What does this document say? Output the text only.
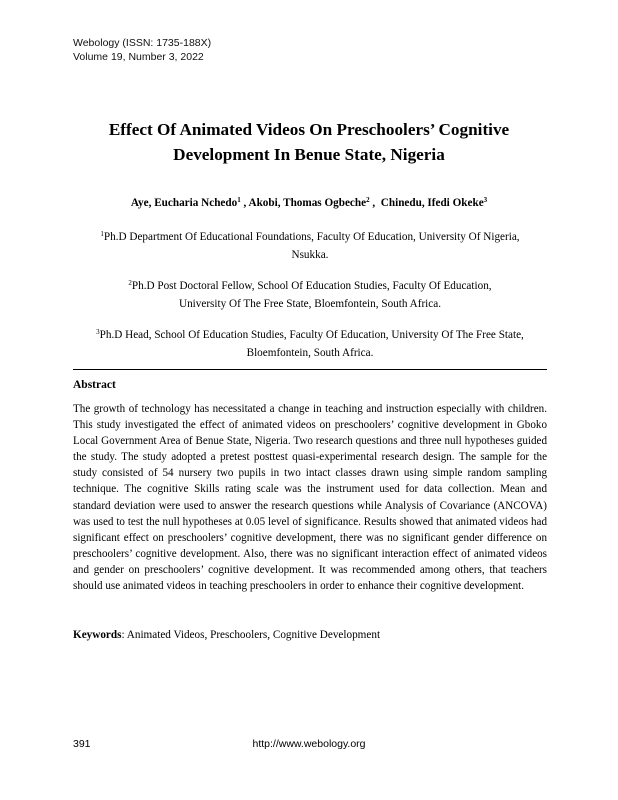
Webology (ISSN: 1735-188X)
Volume 19, Number 3, 2022
Effect Of Animated Videos On Preschoolers’ Cognitive
Development In Benue State, Nigeria
Aye, Eucharia Nchedo$^1$ , Akobi, Thomas Ogbeche$^2$ ,  Chinedu, Ifedi Okeke$^3$
$^1$Ph.D Department Of Educational Foundations, Faculty Of Education, University Of Nigeria,
Nsukka.
$^2$Ph.D Post Doctoral Fellow, School Of Education Studies, Faculty Of Education,
University Of The Free State, Bloemfontein, South Africa.
$^3$Ph.D Head, School Of Education Studies, Faculty Of Education, University Of The Free State,
Bloemfontein, South Africa.
Abstract

The growth of technology has necessitated a change in teaching and instruction especially with children. This study investigated the effect of animated videos on preschoolers’ cognitive development in Gboko Local Government Area of Benue State, Nigeria. Two research questions and three null hypotheses guided the study. The study adopted a pretest posttest quasi-experimental research design. The sample for the study consisted of 54 nursery two pupils in two intact classes drawn using simple random sampling technique. The cognitive Skills rating scale was the instrument used for data collection. Mean and standard deviation were used to answer the research questions while Analysis of Covariance (ANCOVA) was used to test the null hypotheses at 0.05 level of significance. Results showed that animated videos had significant effect on preschoolers’ cognitive development, there was no significant gender difference on preschoolers’ cognitive development. Also, there was no significant interaction effect of animated videos and gender on preschoolers’ cognitive development. It was recommended among others, that teachers should use animated videos in teaching preschoolers in order to enhance their cognitive development.

Keywords: Animated Videos, Preschoolers, Cognitive Development
391	http://www.webology.org
